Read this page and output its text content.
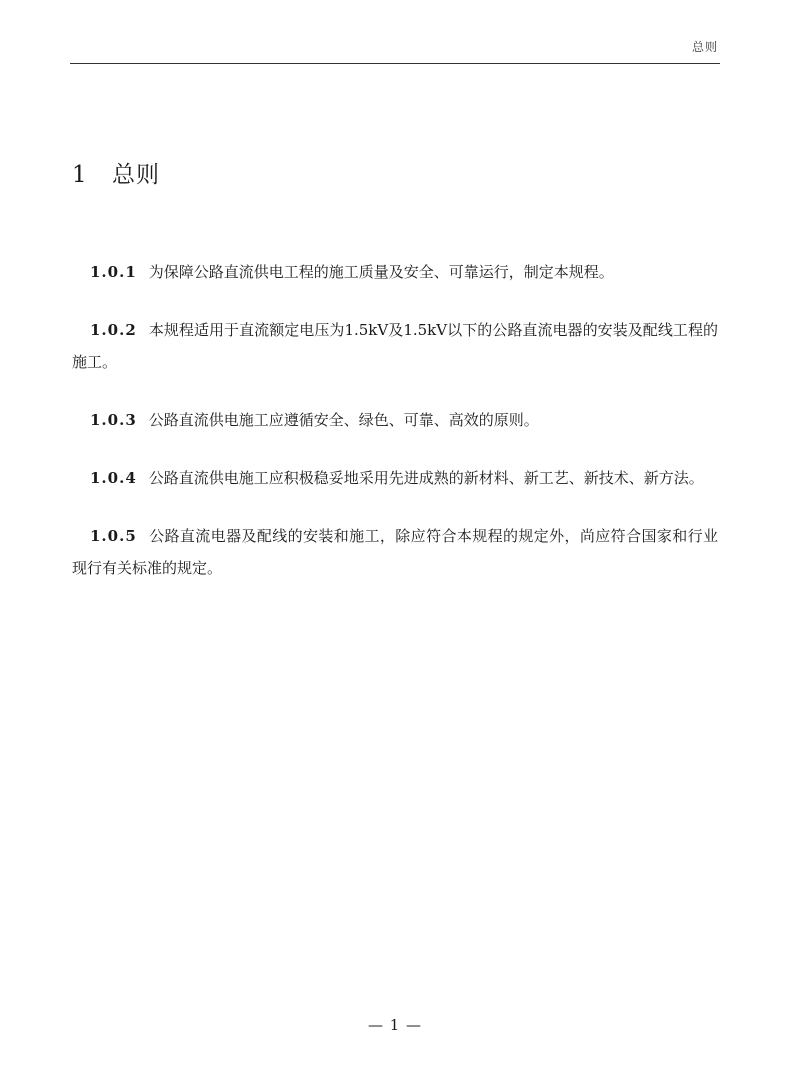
总则
1 总则

1.0.1 为保障公路直流供电工程的施工质量及安全、可靠运行，制定本规程。

1.0.2 本规程适用于直流额定电压为1.5kV及1.5kV以下的公路直流电器的安装及配线工程的施工。

1.0.3 公路直流供电施工应遵循安全、绿色、可靠、高效的原则。

1.0.4 公路直流供电施工应积极稳妥地采用先进成熟的新材料、新工艺、新技术、新方法。

1.0.5 公路直流电器及配线的安装和施工，除应符合本规程的规定外，尚应符合国家和行业现行有关标准的规定。

— 1 —
